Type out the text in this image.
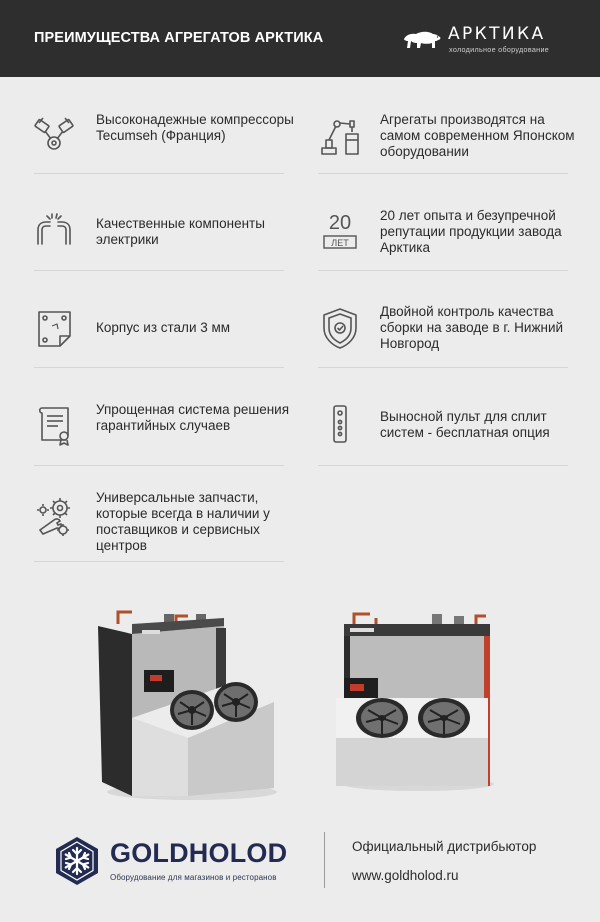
ПРЕИМУЩЕСТВА АГРЕГАТОВ АРКТИКА	АРКТИКА
холодильное оборудование
Высоконадежные компрессоры Tecumseh (Франция)
Качественные компоненты электрики
Корпус из стали 3 мм
Упрощенная система решения гарантийных случаев
Универсальные запчасти, которые всегда в наличии у поставщиков и сервисных центров
Агрегаты производятся на самом современном Японском оборудовании
20
ЛЕТ
20 лет опыта и безупречной репутации продукции завода Арктика
Двойной контроль качества сборки на заводе в г. Нижний Новгород
Выносной пульт для сплит систем - бесплатная опция
GOLDHOLOD
Оборудование для магазинов и ресторанов
Официальный дистрибьютор
www.goldholod.ru
